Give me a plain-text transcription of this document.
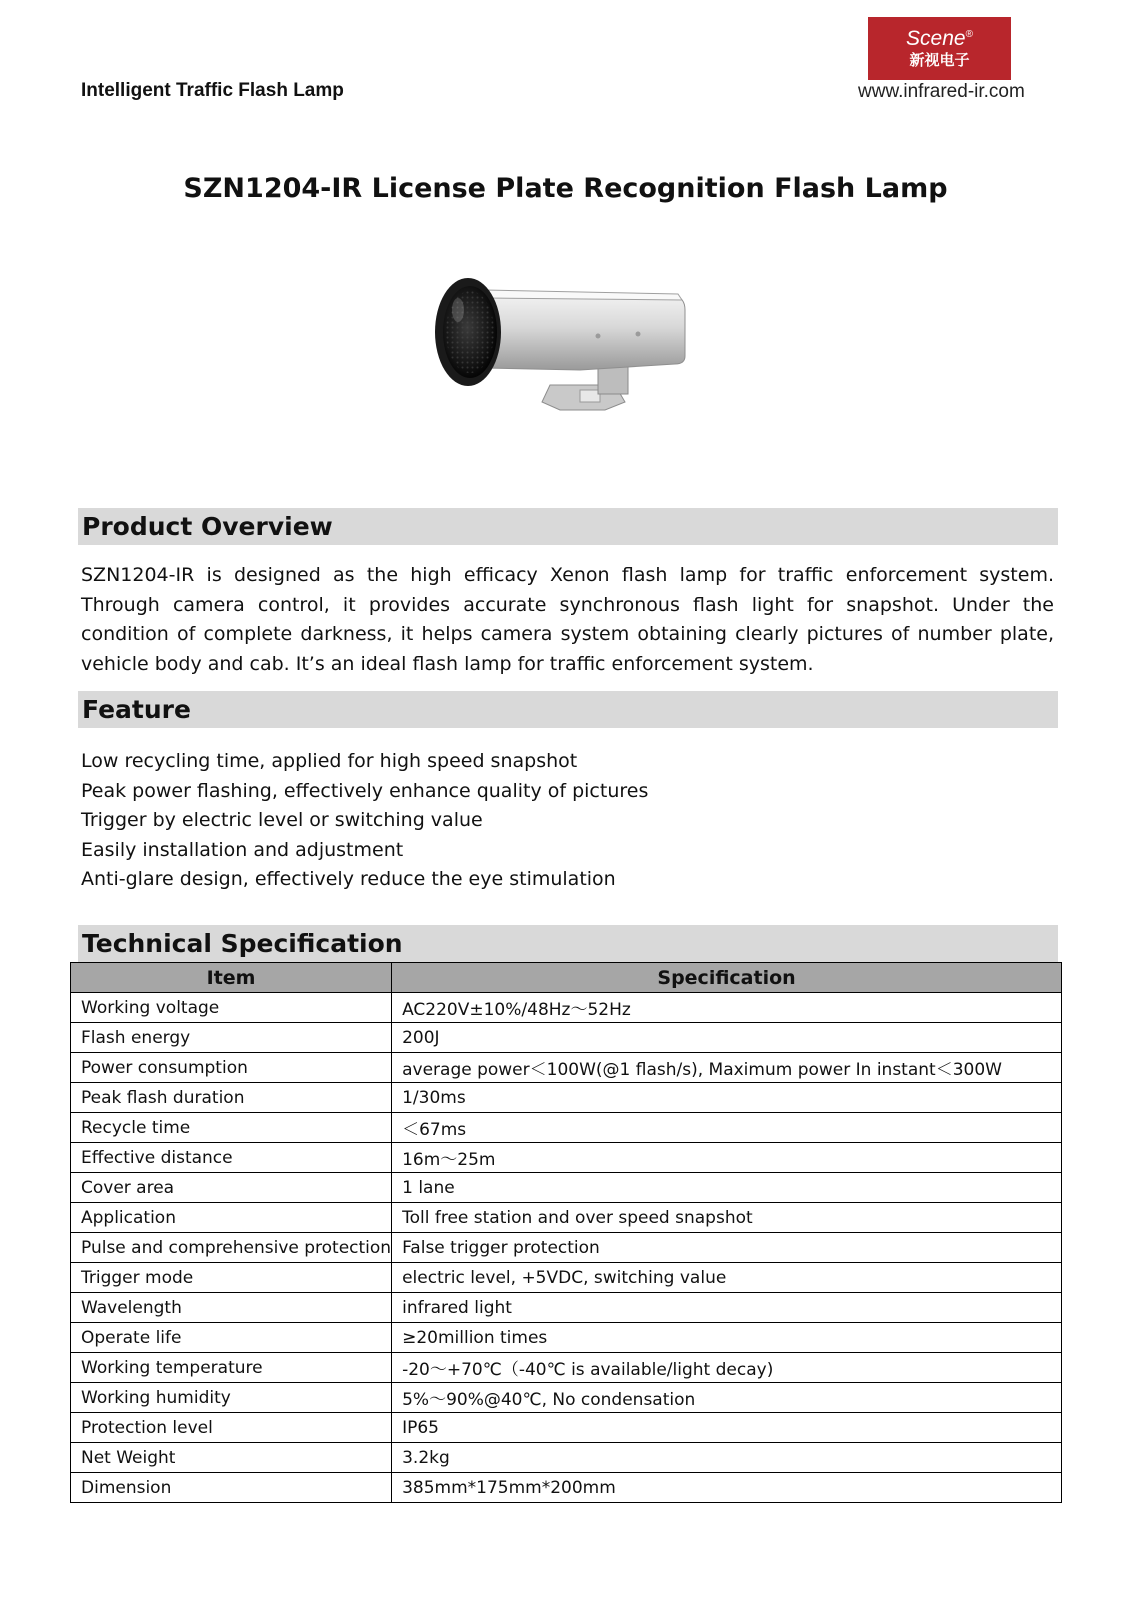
Intelligent Traffic Flash Lamp
Scene®
新视电子
www.infrared-ir.com
SZN1204-IR License Plate Recognition Flash Lamp
Product Overview
SZN1204-IR is designed as the high efficacy Xenon flash lamp for traffic enforcement system. Through camera control, it provides accurate synchronous flash light for snapshot. Under the condition of complete darkness, it helps camera system obtaining clearly pictures of number plate, vehicle body and cab. It’s an ideal flash lamp for traffic enforcement system.
Feature
Low recycling time, applied for high speed snapshot
Peak power flashing, effectively enhance quality of pictures
Trigger by electric level or switching value
Easily installation and adjustment
Anti-glare design, effectively reduce the eye stimulation
Technical Specification
Item	Specification
Working voltage	AC220V±10%/48Hz～52Hz
Flash energy	200J
Power consumption	average power＜100W(@1 flash/s), Maximum power In instant＜300W
Peak flash duration	1/30ms
Recycle time	＜67ms
Effective distance	16m～25m
Cover area	1 lane
Application	Toll free station and over speed snapshot
Pulse and comprehensive protection	False trigger protection
Trigger mode	electric level, +5VDC, switching value
Wavelength	infrared light
Operate life	≥20million times
Working temperature	-20～+70℃（-40℃ is available/light decay)
Working humidity	5%～90%@40℃, No condensation
Protection level	IP65
Net Weight	3.2kg
Dimension	385mm*175mm*200mm
